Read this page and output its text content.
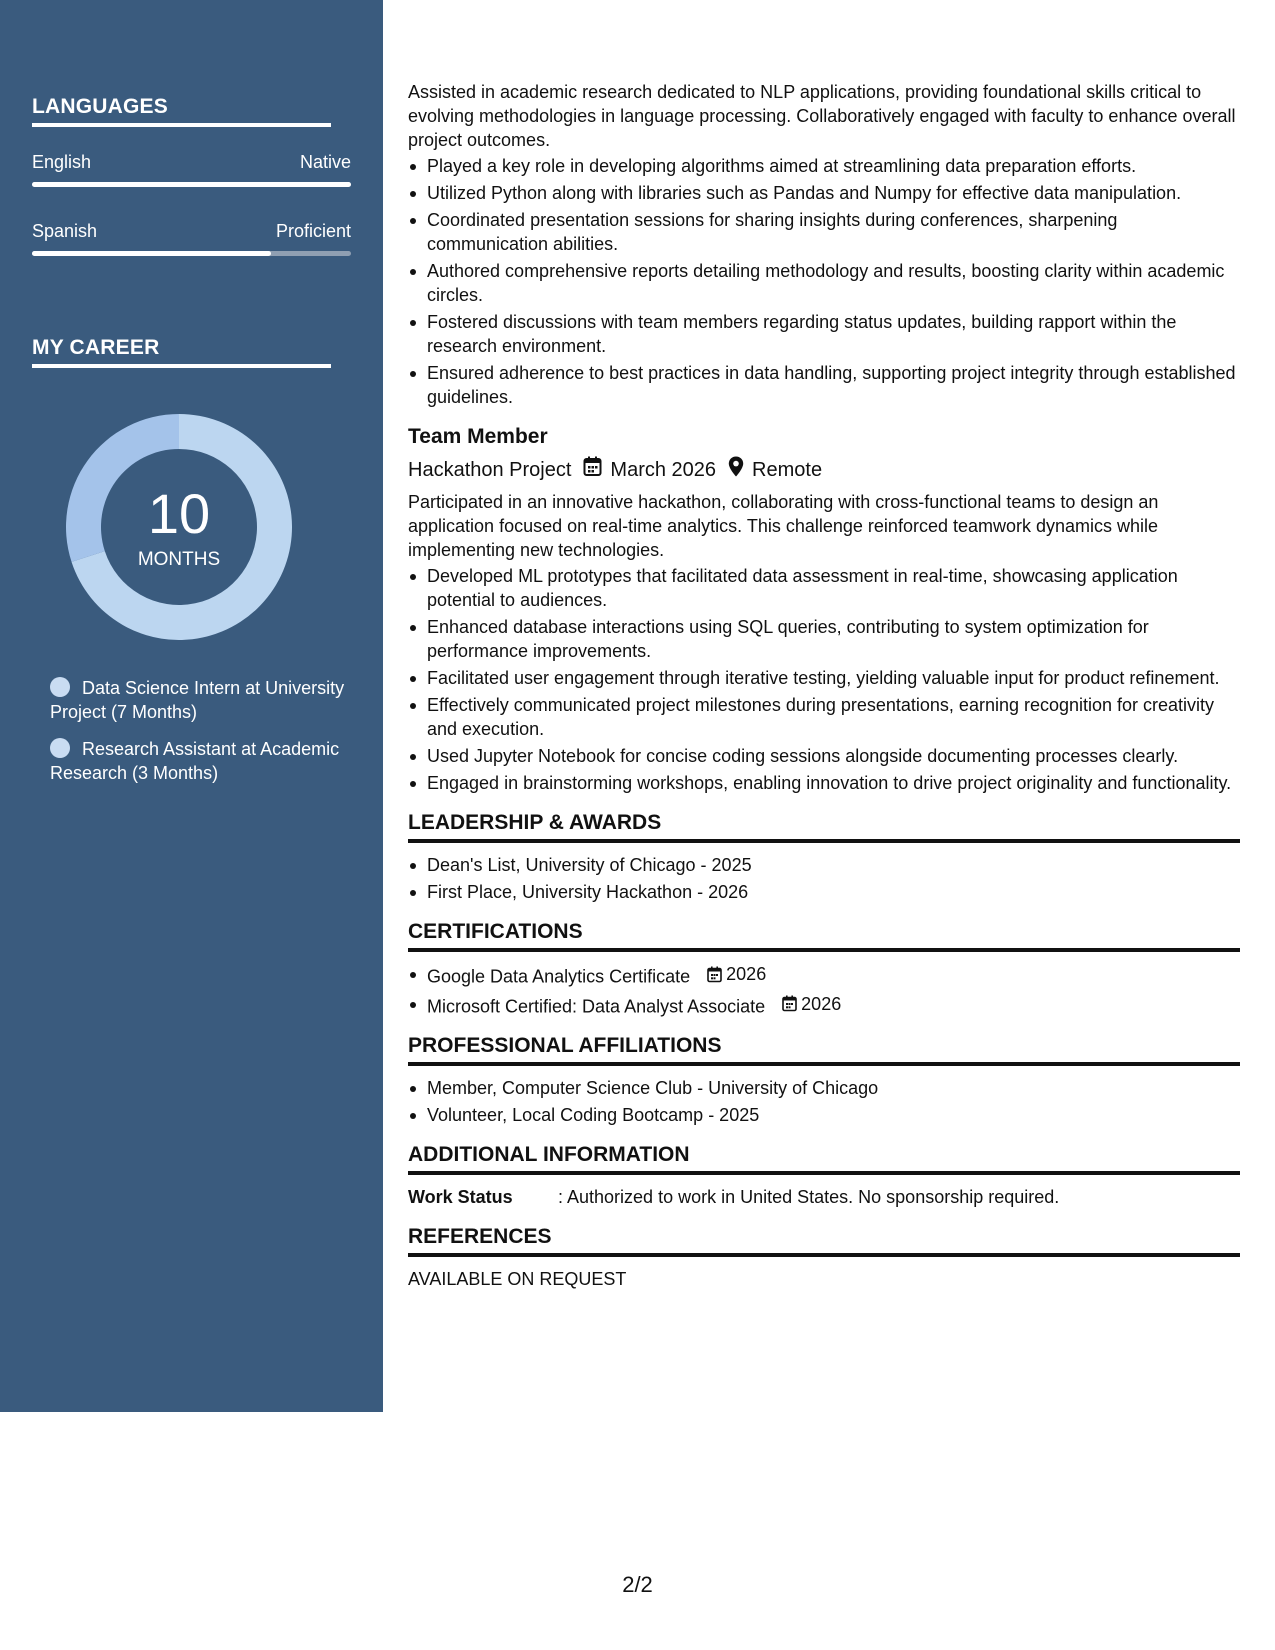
LANGUAGES
English	Native
Spanish	Proficient
MY CAREER
10
MONTHS
Data Science Intern at University Project (7 Months)
Research Assistant at Academic Research (3 Months)

Assisted in academic research dedicated to NLP applications, providing foundational skills critical to evolving methodologies in language processing. Collaboratively engaged with faculty to enhance overall project outcomes.

Played a key role in developing algorithms aimed at streamlining data preparation efforts.
Utilized Python along with libraries such as Pandas and Numpy for effective data manipulation.
Coordinated presentation sessions for sharing insights during conferences, sharpening communication abilities.
Authored comprehensive reports detailing methodology and results, boosting clarity within academic circles.
Fostered discussions with team members regarding status updates, building rapport within the research environment.
Ensured adherence to best practices in data handling, supporting project integrity through established guidelines.
Team Member
Hackathon Project March 2026 Remote

Participated in an innovative hackathon, collaborating with cross-functional teams to design an application focused on real-time analytics. This challenge reinforced teamwork dynamics while implementing new technologies.

Developed ML prototypes that facilitated data assessment in real-time, showcasing application potential to audiences.
Enhanced database interactions using SQL queries, contributing to system optimization for performance improvements.
Facilitated user engagement through iterative testing, yielding valuable input for product refinement.
Effectively communicated project milestones during presentations, earning recognition for creativity and execution.
Used Jupyter Notebook for concise coding sessions alongside documenting processes clearly.
Engaged in brainstorming workshops, enabling innovation to drive project originality and functionality.
LEADERSHIP & AWARDS
Dean's List, University of Chicago - 2025
First Place, University Hackathon - 2026
CERTIFICATIONS
Google Data Analytics Certificate 2026
Microsoft Certified: Data Analyst Associate 2026
PROFESSIONAL AFFILIATIONS
Member, Computer Science Club - University of Chicago
Volunteer, Local Coding Bootcamp - 2025
ADDITIONAL INFORMATION
Work Status	: Authorized to work in United States. No sponsorship required.
REFERENCES
AVAILABLE ON REQUEST
2/2
